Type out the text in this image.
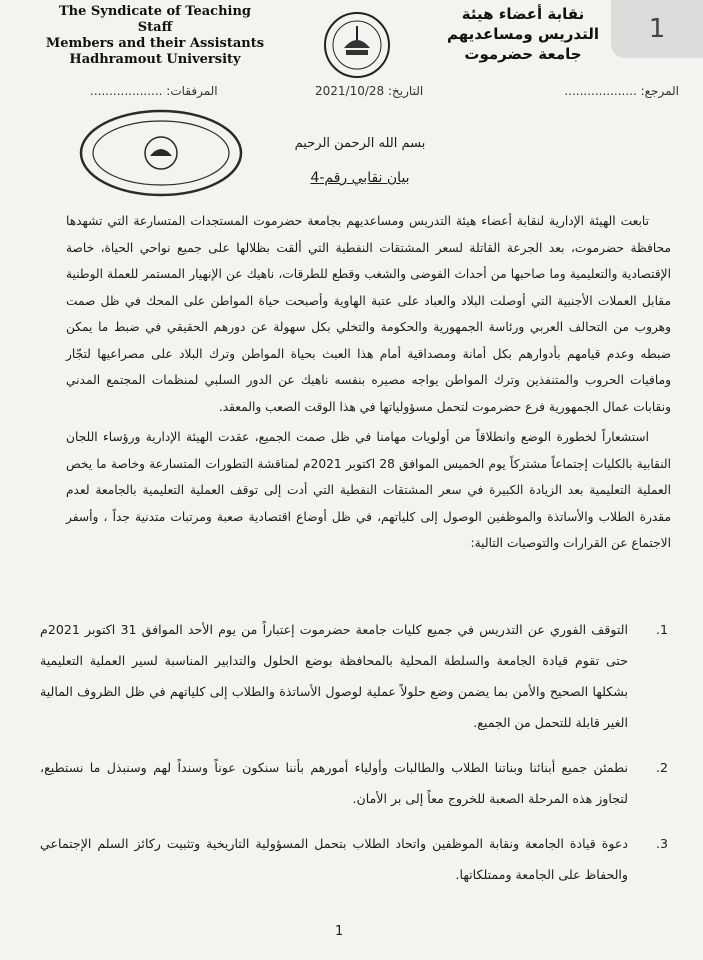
The Syndicate of Teaching Staff
Members and their Assistants
Hadhramout University
نقابة أعضاء هيئة
التدريس ومساعديهم
جامعة حضرموت
1
المرفقات: ...................	التاريخ: 2021/10/28	المرجع: ...................
بسم الله الرحمن الرحيم
بيان نقابي رقم-4

تابعت الهيئة الإدارية لنقابة أعضاء هيئة التدريس ومساعديهم بجامعة حضرموت المستجدات المتسارعة التي تشهدها محافظة حضرموت، بعد الجرعة القاتلة لسعر المشتقات النفطية التي ألقت بظلالها على جميع نواحي الحياة، خاصة الإقتصادية والتعليمية وما صاحبها من أحداث الفوضى والشغب وقطع للطرقات، ناهيك عن الإنهيار المستمر للعملة الوطنية مقابل العملات الأجنبية التي أوصلت البلاد والعباد على عتبة الهاوية وأصبحت حياة المواطن على المحك في ظل صمت وهروب من التحالف العربي ورئاسة الجمهورية والحكومة والتخلي بكل سهولة عن دورهم الحقيقي في ضبط ما يمكن ضبطه وعدم قيامهم بأدوارهم بكل أمانة ومصداقية أمام هذا العبث بحياة المواطن وترك البلاد على مصراعيها لتجّار ومافيات الحروب والمتنفذين وترك المواطن يواجه مصيره بنفسه ناهيك عن الدور السلبي لمنظمات المجتمع المدني ونقابات عمال الجمهورية فرع حضرموت لتحمل مسؤولياتها في هذا الوقت الصعب والمعقد.

استشعاراً لخطورة الوضع وانطلاقاً من أولويات مهامنا في ظل صمت الجميع، عقدت الهيئة الإدارية ورؤساء اللجان النقابية بالكليات إجتماعاً مشتركاً يوم الخميس الموافق 28 اكتوبر 2021م لمناقشة التطورات المتسارعة وخاصة ما يخص العملية التعليمية بعد الزيادة الكبيرة في سعر المشتقات النفطية التي أدت إلى توقف العملية التعليمية بالجامعة لعدم مقدرة الطلاب والأساتذة والموظفين الوصول إلى كلياتهم، في ظل أوضاع اقتصادية صعبة ومرتبات متدنية جداً ، وأسفر الاجتماع عن القرارات والتوصيات التالية:

1.
التوقف الفوري عن التدريس في جميع كليات جامعة حضرموت إعتباراً من يوم الأحد الموافق 31 اكتوبر 2021م حتى تقوم قيادة الجامعة والسلطة المحلية بالمحافظة بوضع الحلول والتدابير المناسبة لسير العملية التعليمية بشكلها الصحيح والأمن بما يضمن وضع حلولاً عملية لوصول الأساتذة والطلاب إلى كلياتهم في ظل الظروف المالية الغير قابلة للتحمل من الجميع.
2.
نطمئن جميع أبنائنا وبناتنا الطلاب والطالبات وأولياء أمورهم بأننا سنكون عوناً وسنداً لهم وسنبذل ما نستطيع، لتجاوز هذه المرحلة الصعبة للخروج معاً إلى بر الأمان.
3.
دعوة قيادة الجامعة ونقابة الموظفين واتحاد الطلاب بتحمل المسؤولية التاريخية وتثبيت ركائز السلم الإجتماعي والحفاظ على الجامعة وممتلكاتها.
1
